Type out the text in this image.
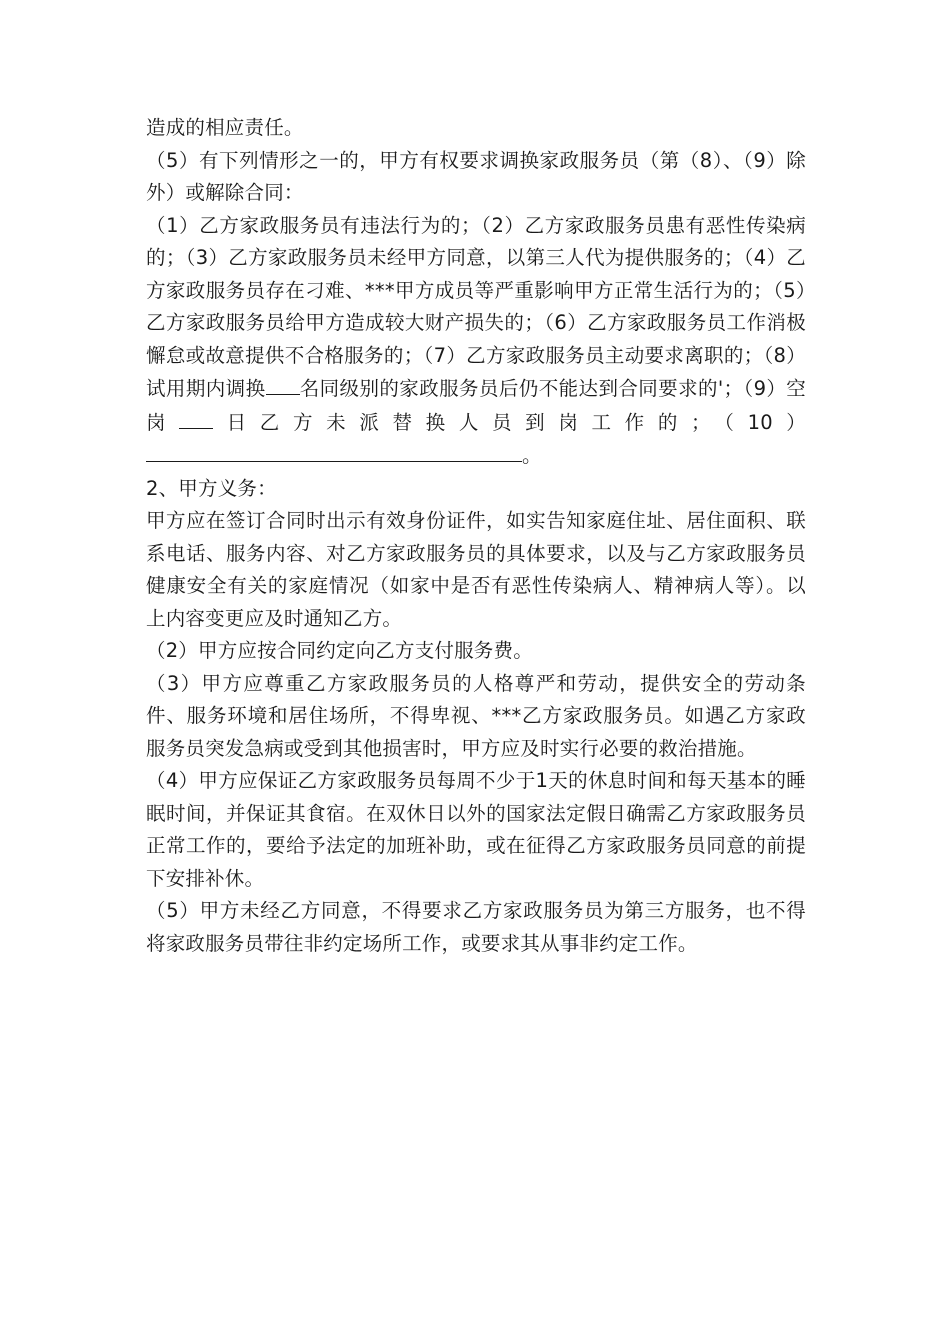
造成的相应责任。

（5）有下列情形之一的，甲方有权要求调换家政服务员（第（8）、（9）除外）或解除合同：

（1）乙方家政服务员有违法行为的；（2）乙方家政服务员患有恶性传染病的；（3）乙方家政服务员未经甲方同意，以第三人代为提供服务的；（4）乙方家政服务员存在刁难、***甲方成员等严重影响甲方正常生活行为的；（5）乙方家政服务员给甲方造成较大财产损失的；（6）乙方家政服务员工作消极懈怠或故意提供不合格服务的；（7）乙方家政服务员主动要求离职的；（8）试用期内调换 名同级别的家政服务员后仍不能达到合同要求的'；（9）空岗 日乙方未派替换人员到岗工作的；（10）。

2、甲方义务：

甲方应在签订合同时出示有效身份证件，如实告知家庭住址、居住面积、联系电话、服务内容、对乙方家政服务员的具体要求，以及与乙方家政服务员健康安全有关的家庭情况（如家中是否有恶性传染病人、精神病人等）。以上内容变更应及时通知乙方。

（2）甲方应按合同约定向乙方支付服务费。

（3）甲方应尊重乙方家政服务员的人格尊严和劳动，提供安全的劳动条件、服务环境和居住场所，不得卑视、***乙方家政服务员。如遇乙方家政服务员突发急病或受到其他损害时，甲方应及时实行必要的救治措施。

（4）甲方应保证乙方家政服务员每周不少于1天的休息时间和每天基本的睡眠时间，并保证其食宿。在双休日以外的国家法定假日确需乙方家政服务员正常工作的，要给予法定的加班补助，或在征得乙方家政服务员同意的前提下安排补休。

（5）甲方未经乙方同意，不得要求乙方家政服务员为第三方服务，也不得将家政服务员带往非约定场所工作，或要求其从事非约定工作。
